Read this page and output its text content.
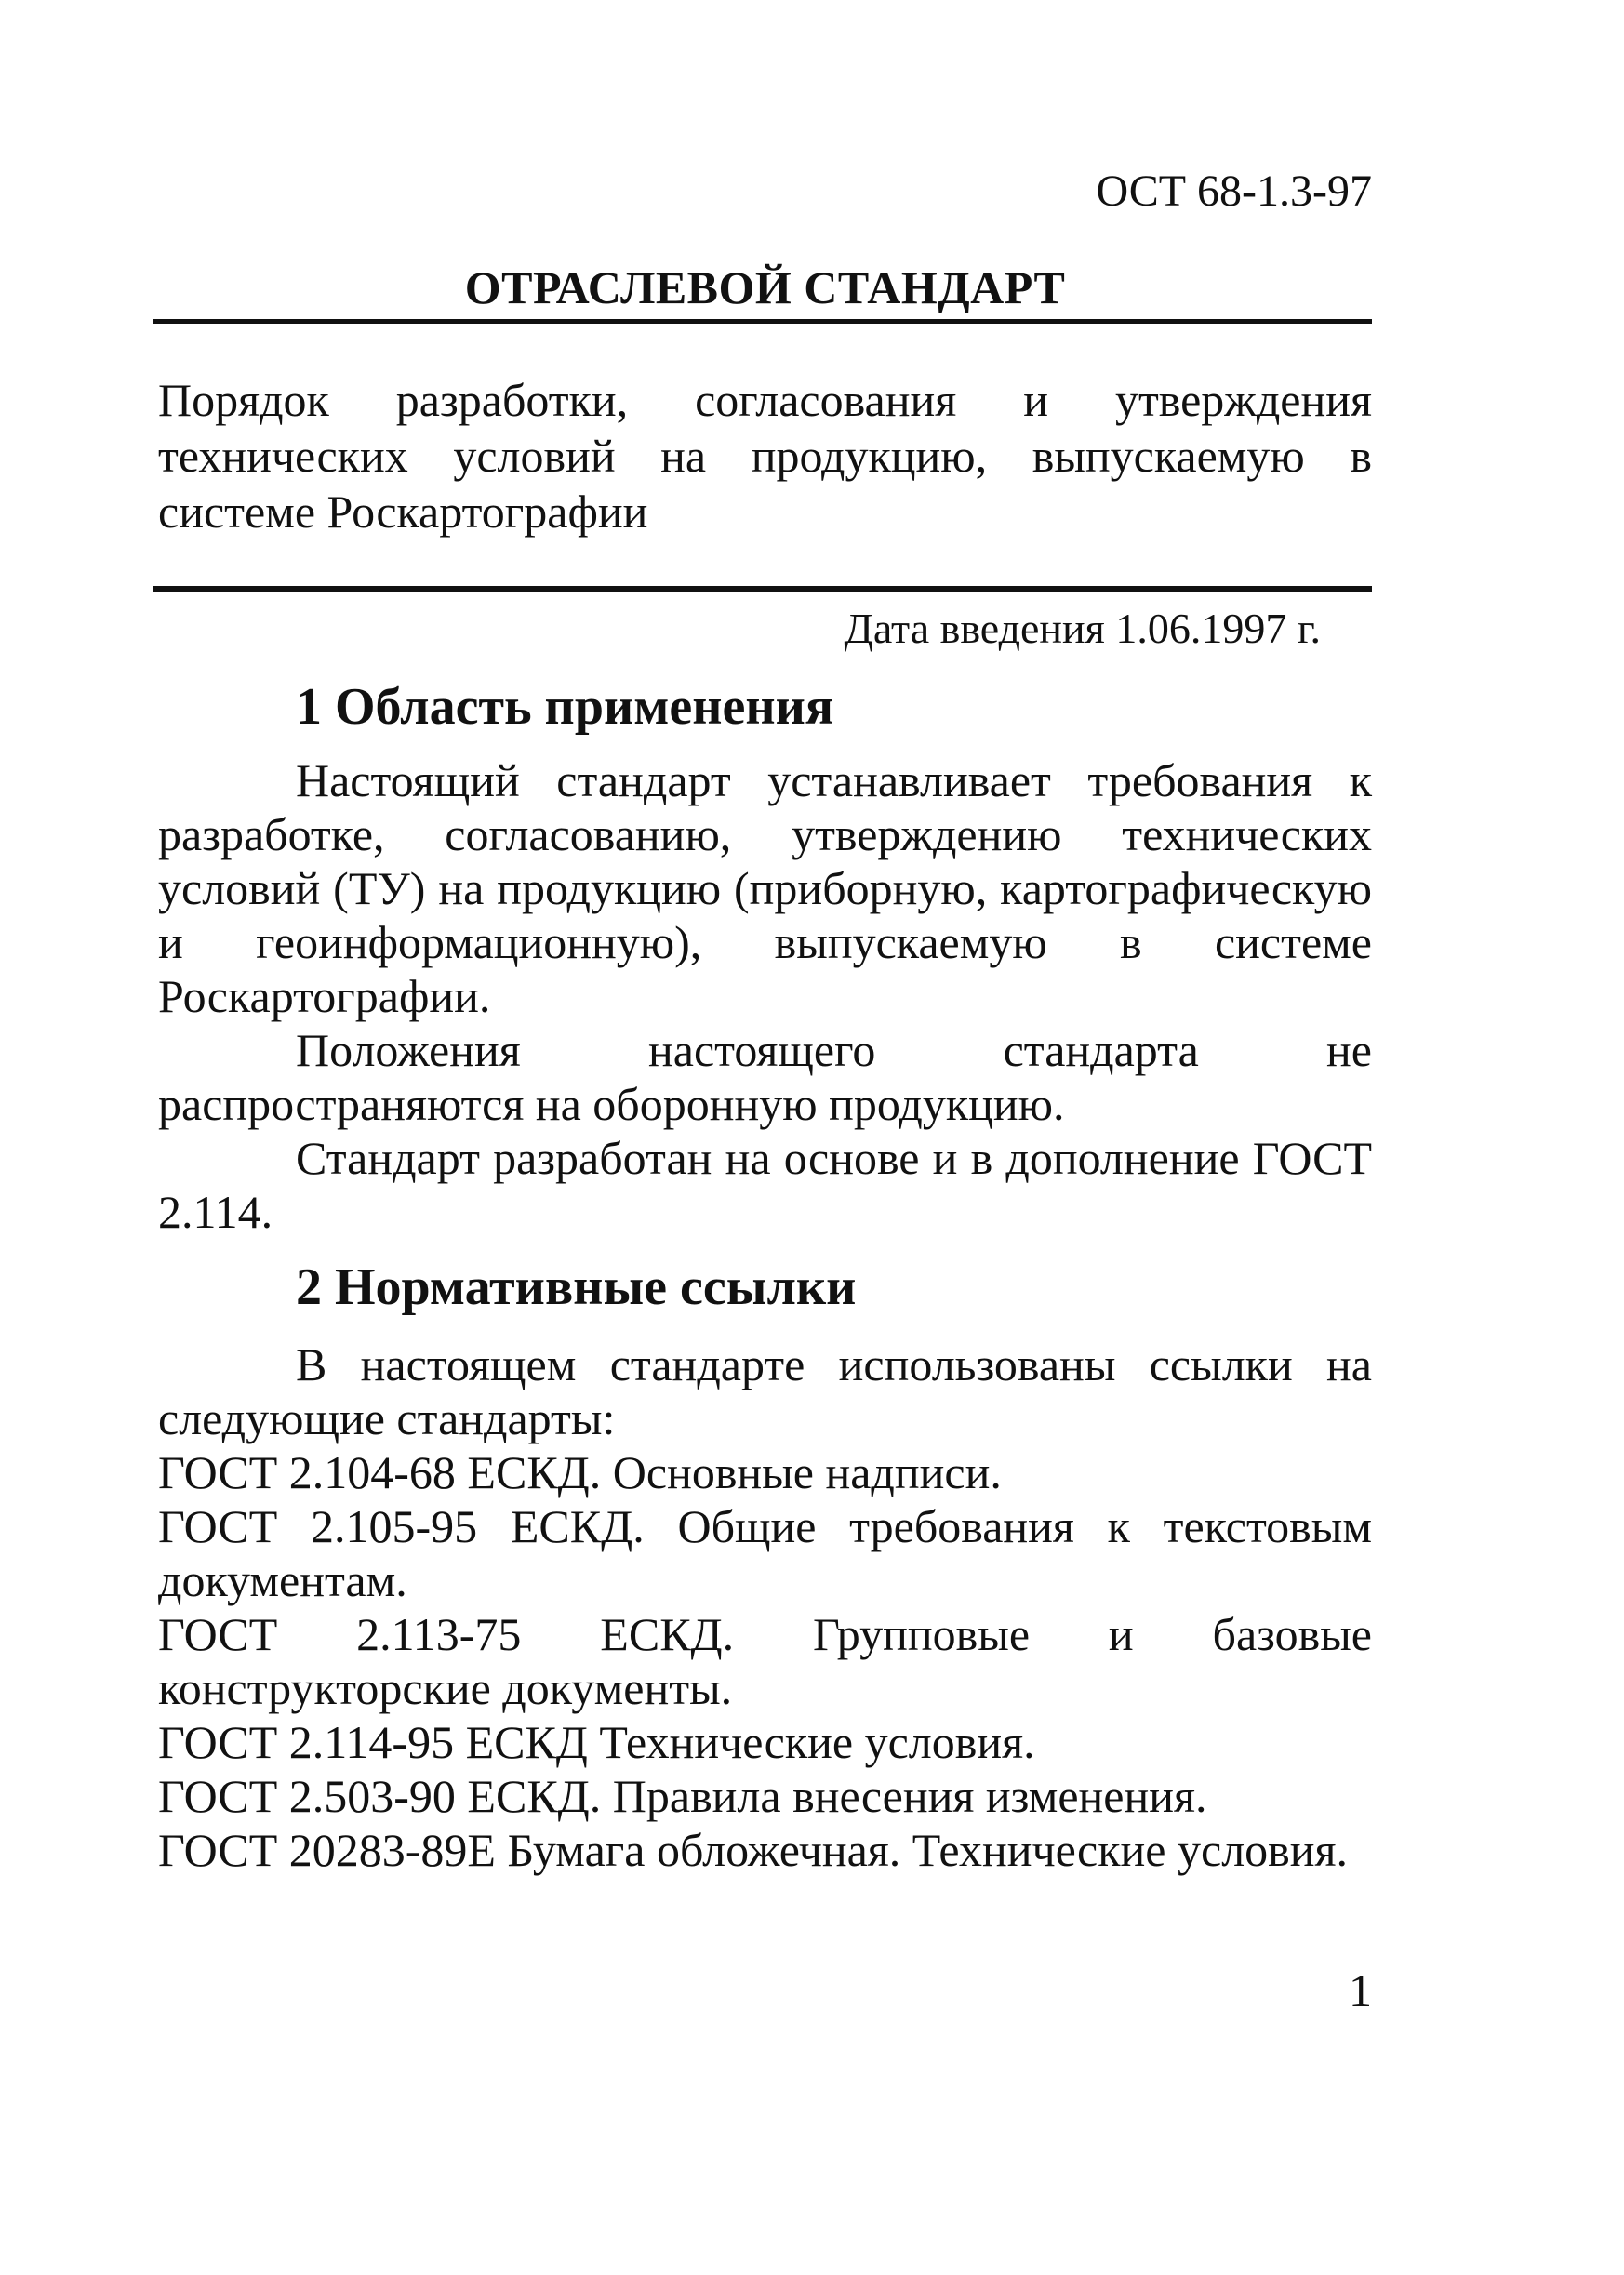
ОСТ 68-1.3-97

ОТРАСЛЕВОЙ СТАНДАРТ

Порядок разработки, согласования и утверждения технических условий на продукцию, выпускаемую в системе Роскартографии

Дата введения 1.06.1997 г.

1 Область применения

Настоящий стандарт устанавливает требования к разработке, согласованию, утверждению технических условий (ТУ) на продукцию (приборную, картографическую и геоинформационную), выпускаемую в системе Роскартографии.

Положения настоящего стандарта не распространяются на оборонную продукцию.

Стандарт разработан на основе и в дополнение ГОСТ 2.114.

2 Нормативные ссылки

В настоящем стандарте использованы ссылки на следующие стандарты:

ГОСТ 2.104-68 ЕСКД. Основные надписи.

ГОСТ 2.105-95 ЕСКД. Общие требования к текстовым документам.

ГОСТ 2.113-75 ЕСКД. Групповые и базовые конструкторские документы.

ГОСТ 2.114-95 ЕСКД Технические условия.

ГОСТ 2.503-90 ЕСКД. Правила внесения изменения.

ГОСТ 20283-89Е Бумага обложечная. Технические условия.

1
